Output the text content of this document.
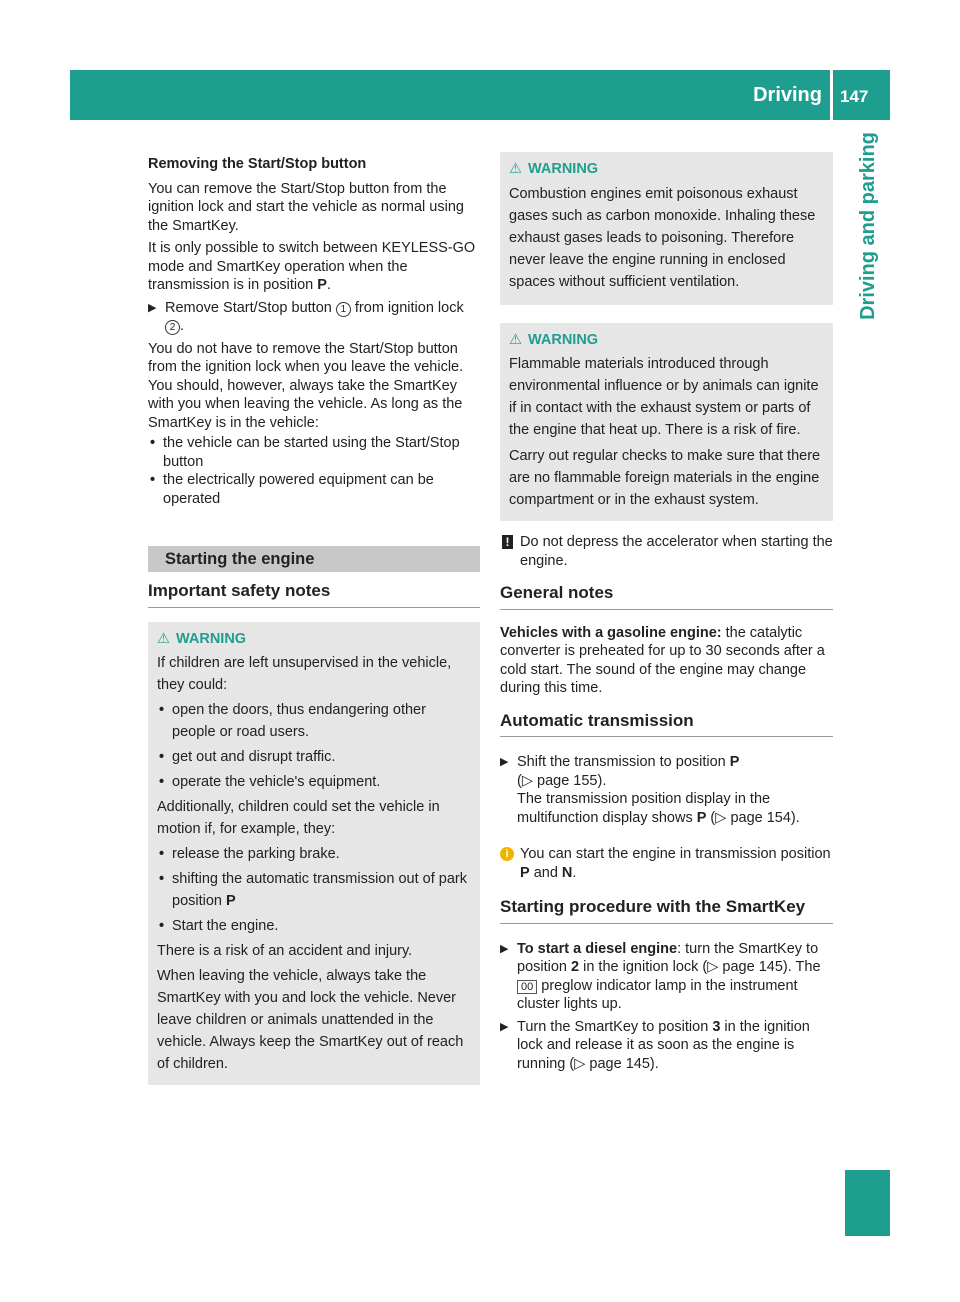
Driving 147
Driving and parking

Removing the Start/Stop button

You can remove the Start/Stop button from the ignition lock and start the vehicle as normal using the SmartKey.

It is only possible to switch between KEYLESS-GO mode and SmartKey operation when the transmission is in position P.

▶ Remove Start/Stop button 1 from ignition lock 2 .

You do not have to remove the Start/Stop button from the ignition lock when you leave the vehicle. You should, however, always take the SmartKey with you when leaving the vehicle. As long as the SmartKey is in the vehicle:

• the vehicle can be started using the Start/Stop button
• the electrically powered equipment can be operated
Starting the engine
Important safety notes
⚠ WARNING

If children are left unsupervised in the vehicle, they could:

• open the doors, thus endangering other people or road users.
• get out and disrupt traffic.
• operate the vehicle's equipment.

Additionally, children could set the vehicle in motion if, for example, they:

• release the parking brake.
• shifting the automatic transmission out of park position P
• Start the engine.

There is a risk of an accident and injury.

When leaving the vehicle, always take the SmartKey with you and lock the vehicle. Never leave children or animals unattended in the vehicle. Always keep the SmartKey out of reach of children.

⚠ WARNING

Combustion engines emit poisonous exhaust gases such as carbon monoxide. Inhaling these exhaust gases leads to poisoning. Therefore never leave the engine running in enclosed spaces without sufficient ventilation.

⚠ WARNING

Flammable materials introduced through environmental influence or by animals can ignite if in contact with the exhaust system or parts of the engine that heat up. There is a risk of fire.

Carry out regular checks to make sure that there are no flammable foreign materials in the engine compartment or in the exhaust system.

! Do not depress the accelerator when starting the engine.
General notes

Vehicles with a gasoline engine: the catalytic converter is preheated for up to 30 seconds after a cold start. The sound of the engine may change during this time.

Automatic transmission
▶ Shift the transmission to position P
(▷ page 155).
The transmission position display in the multifunction display shows P (▷ page 154).
i You can start the engine in transmission position P and N.
Starting procedure with the SmartKey
▶ To start a diesel engine: turn the SmartKey to position 2 in the ignition lock (▷ page 145). The 00 preglow indicator lamp in the instrument cluster lights up.
▶ Turn the SmartKey to position 3 in the ignition lock and release it as soon as the engine is running (▷ page 145).
